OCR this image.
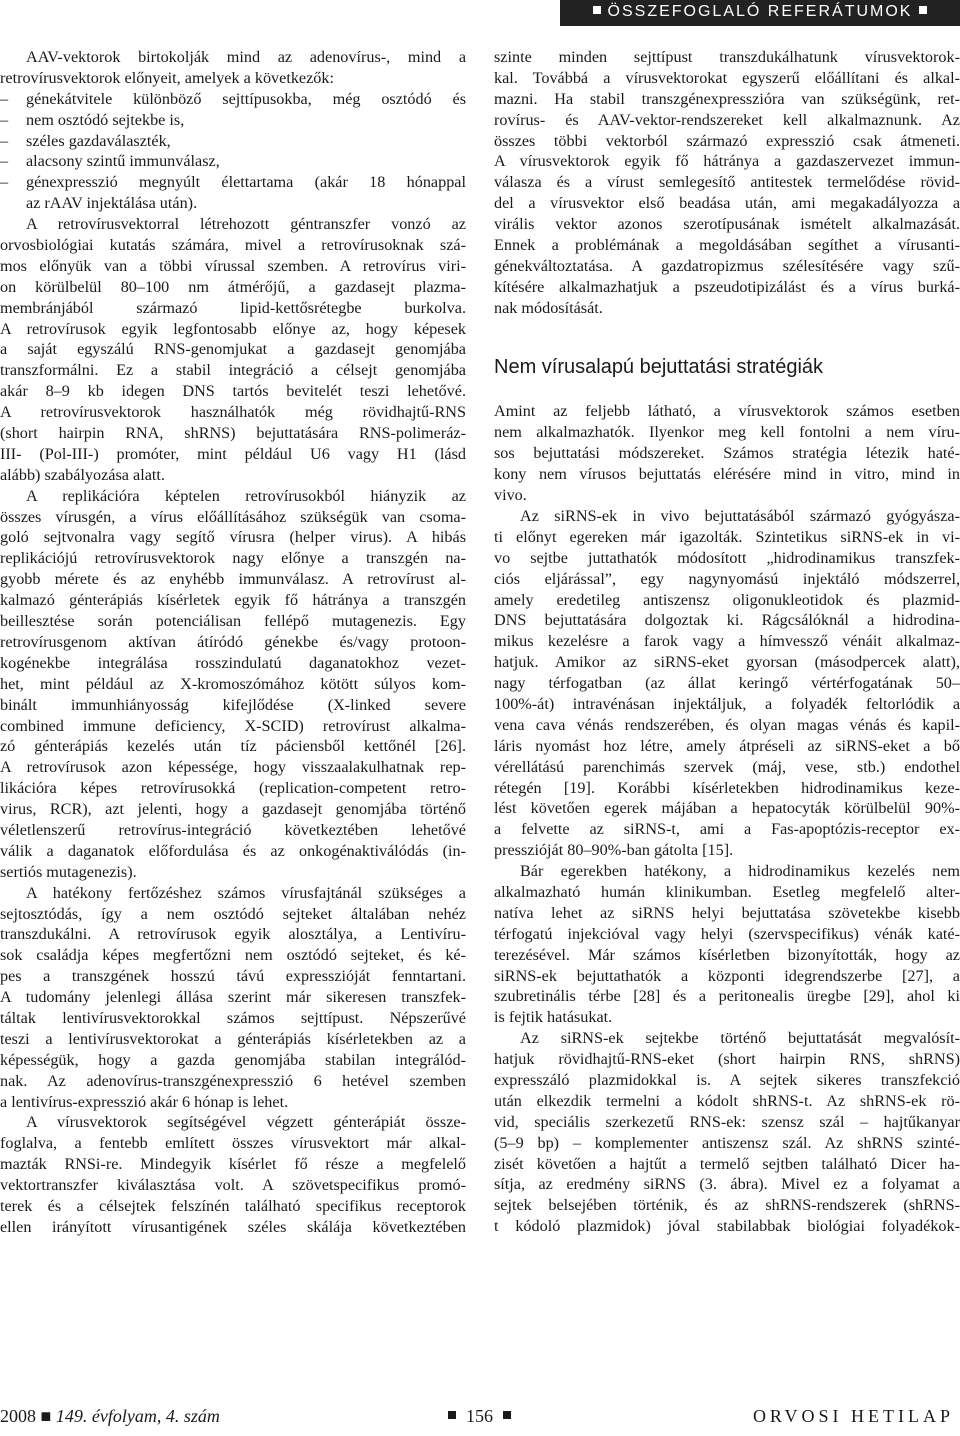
ÖSSZEFOGLALÓ REFERÁTUMOK
AAV-vektorok birtokolják mind az adenovírus-, mind a
retrovírusvektorok előnyeit, amelyek a következők:
– génekátvitele különböző sejttípusokba, még osztódó és
– nem osztódó sejtekbe is,
– széles gazdaválaszték,
– alacsony szintű immunválasz,
– génexpresszió megnyúlt élettartama (akár 18 hónappal
az rAAV injektálása után).
A retrovírusvektorral létrehozott géntranszfer vonzó az
orvosbiológiai kutatás számára, mivel a retrovírusoknak szá-
mos előnyük van a többi vírussal szemben. A retrovírus viri-
on körülbelül 80–100 nm átmérőjű, a gazdasejt plazma-
membránjából származó lipid-kettősrétegbe burkolva.
A retrovírusok egyik legfontosabb előnye az, hogy képesek
a saját egyszálú RNS-genomjukat a gazdasejt genomjába
transzformálni. Ez a stabil integráció a célsejt genomjába
akár 8–9 kb idegen DNS tartós bevitelét teszi lehetővé.
A retrovírusvektorok használhatók még rövidhajtű-RNS
(short hairpin RNA, shRNS) bejuttatására RNS-polimeráz-
III- (Pol-III-) promóter, mint például U6 vagy H1 (lásd
alább) szabályozása alatt.
A replikációra képtelen retrovírusokból hiányzik az
összes vírusgén, a vírus előállításához szükségük van csoma-
goló sejtvonalra vagy segítő vírusra (helper virus). A hibás
replikációjú retrovírusvektorok nagy előnye a transzgén na-
gyobb mérete és az enyhébb immunválasz. A retrovírust al-
kalmazó génterápiás kísérletek egyik fő hátránya a transzgén
beillesztése során potenciálisan fellépő mutagenezis. Egy
retrovírusgenom aktívan átíródó génekbe és/vagy protoon-
kogénekbe integrálása rosszindulatú daganatokhoz vezet-
het, mint például az X-kromoszómához kötött súlyos kom-
binált immunhiányosság kifejlődése (X-linked severe
combined immune deficiency, X-SCID) retrovírust alkalma-
zó génterápiás kezelés után tíz páciensből kettőnél [26].
A retrovírusok azon képessége, hogy visszaalakulhatnak rep-
likációra képes retrovírusokká (replication-competent retro-
virus, RCR), azt jelenti, hogy a gazdasejt genomjába történő
véletlenszerű retrovírus-integráció következtében lehetővé
válik a daganatok előfordulása és az onkogénaktiválódás (in-
sertiós mutagenezis).
A hatékony fertőzéshez számos vírusfajtánál szükséges a
sejtosztódás, így a nem osztódó sejteket általában nehéz
transzdukálni. A retrovírusok egyik alosztálya, a Lentivíru-
sok családja képes megfertőzni nem osztódó sejteket, és ké-
pes a transzgének hosszú távú expresszióját fenntartani.
A tudomány jelenlegi állása szerint már sikeresen transzfek-
táltak lentivírusvektorokkal számos sejttípust. Népszerűvé
teszi a lentivírusvektorokat a génterápiás kísérletekben az a
képességük, hogy a gazda genomjába stabilan integrálód-
nak. Az adenovírus-transzgénexpresszió 6 hetével szemben
a lentivírus-expresszió akár 6 hónap is lehet.
A vírusvektorok segítségével végzett génterápiát össze-
foglalva, a fentebb említett összes vírusvektort már alkal-
mazták RNSi-re. Mindegyik kísérlet fő része a megfelelő
vektortranszfer kiválasztása volt. A szövetspecifikus promó-
terek és a célsejtek felszínén található specifikus receptorok
ellen irányított vírusantigének széles skálája következtében
szinte minden sejttípust transzdukálhatunk vírusvektorok-
kal. Továbbá a vírusvektorokat egyszerű előállítani és alkal-
mazni. Ha stabil transzgénexpresszióra van szükségünk, ret-
rovírus- és AAV-vektor-rendszereket kell alkalmaznunk. Az
összes többi vektorból származó expresszió csak átmeneti.
A vírusvektorok egyik fő hátránya a gazdaszervezet immun-
válasza és a vírust semlegesítő antitestek termelődése rövid-
del a vírusvektor első beadása után, ami megakadályozza a
virális vektor azonos szerotípusának ismételt alkalmazását.
Ennek a problémának a megoldásában segíthet a vírusanti-
génekváltoztatása. A gazdatropizmus szélesítésére vagy szű-
kítésére alkalmazhatjuk a pszeudotipizálást és a vírus burká-
nak módosítását.
Nem vírusalapú bejuttatási stratégiák
Amint az feljebb látható, a vírusvektorok számos esetben
nem alkalmazhatók. Ilyenkor meg kell fontolni a nem víru-
sos bejuttatási módszereket. Számos stratégia létezik haté-
kony nem vírusos bejuttatás elérésére mind in vitro, mind in
vivo.
Az siRNS-ek in vivo bejuttatásából származó gyógyásza-
ti előnyt egereken már igazolták. Szintetikus siRNS-ek in vi-
vo sejtbe juttathatók módosított „hidrodinamikus transzfek-
ciós eljárással”, egy nagynyomású injektáló módszerrel,
amely eredetileg antiszensz oligonukleotidok és plazmid-
DNS bejuttatására dolgoztak ki. Rágcsálóknál a hidrodina-
mikus kezelésre a farok vagy a hímvessző vénáit alkalmaz-
hatjuk. Amikor az siRNS-eket gyorsan (másodpercek alatt),
nagy térfogatban (az állat keringő vértérfogatának 50–
100%-át) intravénásan injektáljuk, a folyadék feltorlódik a
vena cava vénás rendszerében, és olyan magas vénás és kapil-
láris nyomást hoz létre, amely átpréseli az siRNS-eket a bő
vérellátású parenchimás szervek (máj, vese, stb.) endothel
rétegén [19]. Korábbi kísérletekben hidrodinamikus keze-
lést követően egerek májában a hepatocyták körülbelül 90%-
a felvette az siRNS-t, ami a Fas-apoptózis-receptor ex-
presszióját 80–90%-ban gátolta [15].
Bár egerekben hatékony, a hidrodinamikus kezelés nem
alkalmazható humán klinikumban. Esetleg megfelelő alter-
natíva lehet az siRNS helyi bejuttatása szövetekbe kisebb
térfogatú injekcióval vagy helyi (szervspecifikus) vénák katé-
terezésével. Már számos kísérletben bizonyították, hogy az
siRNS-ek bejuttathatók a központi idegrendszerbe [27], a
szubretinális térbe [28] és a peritonealis üregbe [29], ahol ki
is fejtik hatásukat.
Az siRNS-ek sejtekbe történő bejuttatását megvalósít-
hatjuk rövidhajtű-RNS-eket (short hairpin RNS, shRNS)
expresszáló plazmidokkal is. A sejtek sikeres transzfekció
után elkezdik termelni a kódolt shRNS-t. Az shRNS-ek rö-
vid, speciális szerkezetű RNS-ek: szensz szál – hajtűkanyar
(5–9 bp) – komplementer antiszensz szál. Az shRNS szinté-
zisét követően a hajtűt a termelő sejtben található Dicer ha-
sítja, az eredmény siRNS (3. ábra). Mivel ez a folyamat a
sejtek belsejében történik, és az shRNS-rendszerek (shRNS-
t kódoló plazmidok) jóval stabilabbak biológiai folyadékok-
2008 ■ 149. évfolyam, 4. szám	156	ORVOSI HETILAP
